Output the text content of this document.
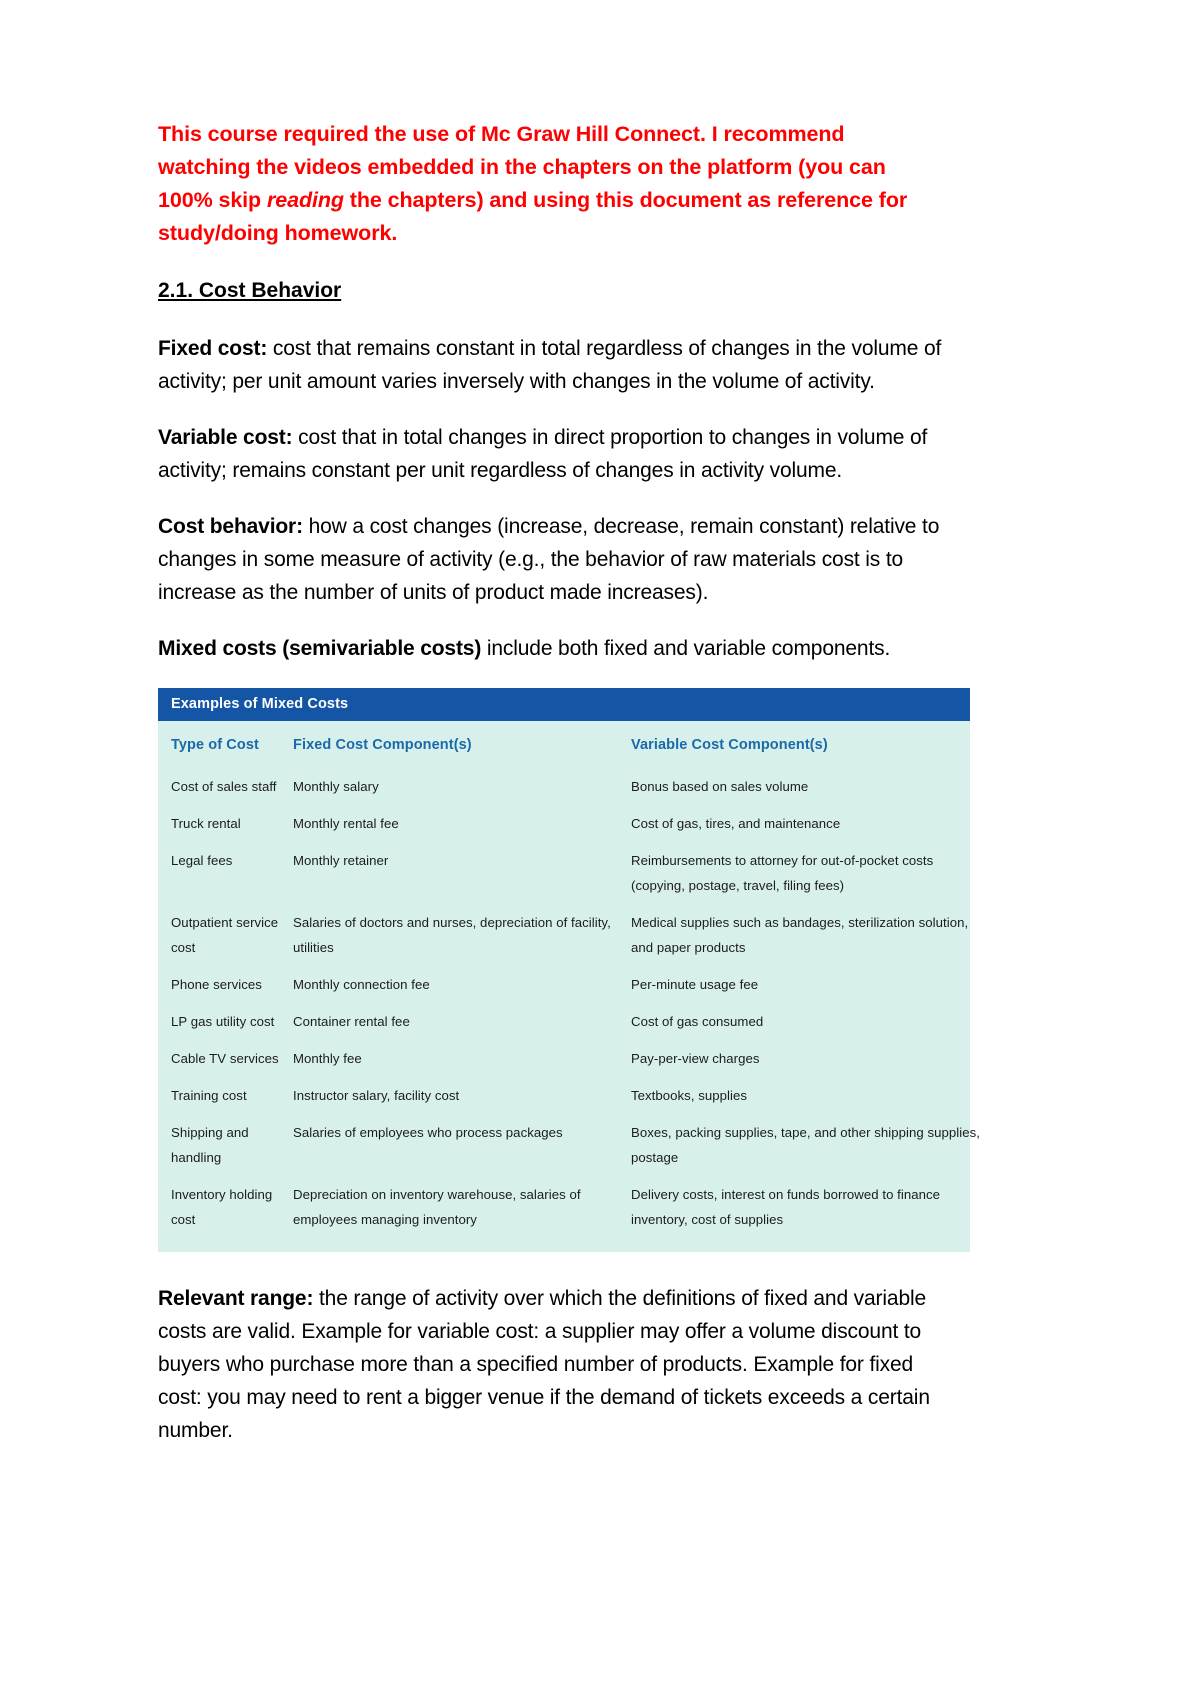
This course required the use of Mc Graw Hill Connect. I recommend watching the videos embedded in the chapters on the platform (you can 100% skip reading the chapters) and using this document as reference for study/doing homework.

2.1. Cost Behavior

Fixed cost: cost that remains constant in total regardless of changes in the volume of activity; per unit amount varies inversely with changes in the volume of activity.

Variable cost: cost that in total changes in direct proportion to changes in volume of activity; remains constant per unit regardless of changes in activity volume.

Cost behavior: how a cost changes (increase, decrease, remain constant) relative to changes in some measure of activity (e.g., the behavior of raw materials cost is to increase as the number of units of product made increases).

Mixed costs (semivariable costs) include both fixed and variable components.

Examples of Mixed Costs
Type of Cost	Fixed Cost Component(s)	Variable Cost Component(s)
Cost of sales staff	Monthly salary	Bonus based on sales volume
Truck rental	Monthly rental fee	Cost of gas, tires, and maintenance
Legal fees	Monthly retainer	Reimbursements to attorney for out-of-pocket costs (copying, postage, travel, filing fees)
Outpatient service cost	Salaries of doctors and nurses, depreciation of facility, utilities	Medical supplies such as bandages, sterilization solution, and paper products
Phone services	Monthly connection fee	Per-minute usage fee
LP gas utility cost	Container rental fee	Cost of gas consumed
Cable TV services	Monthly fee	Pay-per-view charges
Training cost	Instructor salary, facility cost	Textbooks, supplies
Shipping and handling	Salaries of employees who process packages	Boxes, packing supplies, tape, and other shipping supplies, postage
Inventory holding cost	Depreciation on inventory warehouse, salaries of employees managing inventory	Delivery costs, interest on funds borrowed to finance inventory, cost of supplies

Relevant range: the range of activity over which the definitions of fixed and variable costs are valid. Example for variable cost: a supplier may offer a volume discount to buyers who purchase more than a specified number of products. Example for fixed cost: you may need to rent a bigger venue if the demand of tickets exceeds a certain number.
